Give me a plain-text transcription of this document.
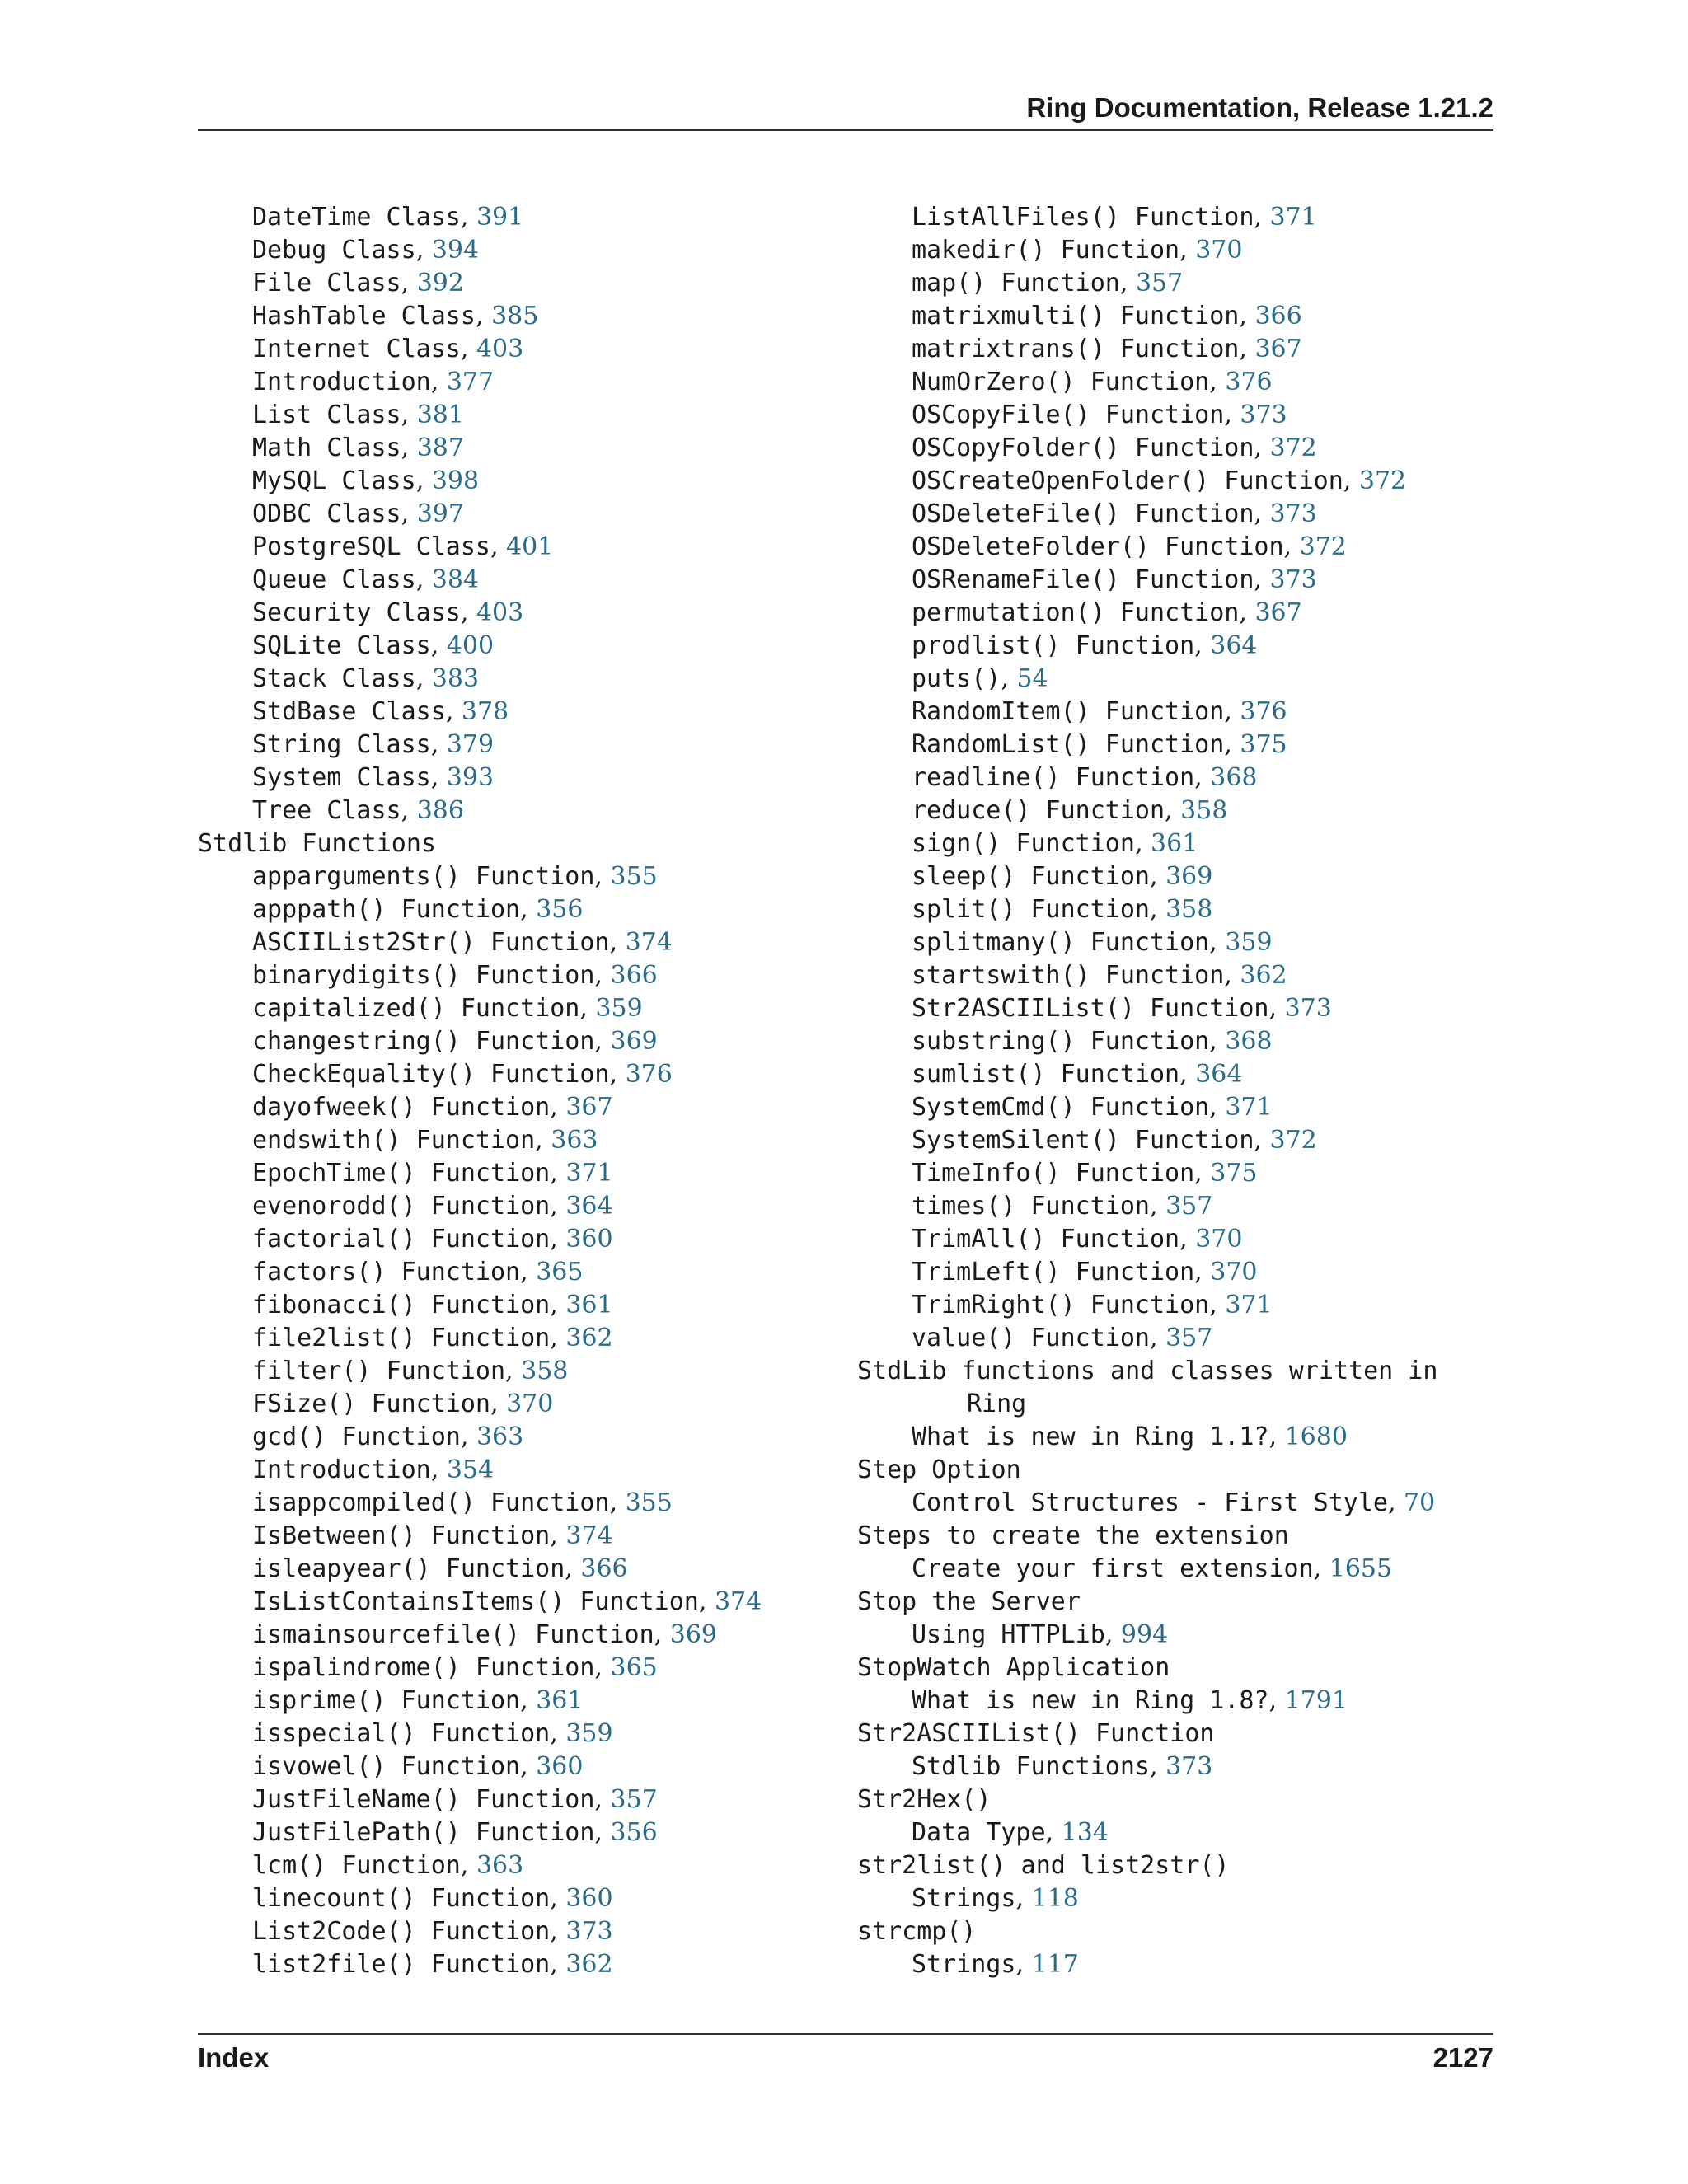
Ring Documentation, Release 1.21.2
DateTime Class, 391
Debug Class, 394
File Class, 392
HashTable Class, 385
Internet Class, 403
Introduction, 377
List Class, 381
Math Class, 387
MySQL Class, 398
ODBC Class, 397
PostgreSQL Class, 401
Queue Class, 384
Security Class, 403
SQLite Class, 400
Stack Class, 383
StdBase Class, 378
String Class, 379
System Class, 393
Tree Class, 386
Stdlib Functions
apparguments() Function, 355
apppath() Function, 356
ASCIIList2Str() Function, 374
binarydigits() Function, 366
capitalized() Function, 359
changestring() Function, 369
CheckEquality() Function, 376
dayofweek() Function, 367
endswith() Function, 363
EpochTime() Function, 371
evenorodd() Function, 364
factorial() Function, 360
factors() Function, 365
fibonacci() Function, 361
file2list() Function, 362
filter() Function, 358
FSize() Function, 370
gcd() Function, 363
Introduction, 354
isappcompiled() Function, 355
IsBetween() Function, 374
isleapyear() Function, 366
IsListContainsItems() Function, 374
ismainsourcefile() Function, 369
ispalindrome() Function, 365
isprime() Function, 361
isspecial() Function, 359
isvowel() Function, 360
JustFileName() Function, 357
JustFilePath() Function, 356
lcm() Function, 363
linecount() Function, 360
List2Code() Function, 373
list2file() Function, 362
ListAllFiles() Function, 371
makedir() Function, 370
map() Function, 357
matrixmulti() Function, 366
matrixtrans() Function, 367
NumOrZero() Function, 376
OSCopyFile() Function, 373
OSCopyFolder() Function, 372
OSCreateOpenFolder() Function, 372
OSDeleteFile() Function, 373
OSDeleteFolder() Function, 372
OSRenameFile() Function, 373
permutation() Function, 367
prodlist() Function, 364
puts(), 54
RandomItem() Function, 376
RandomList() Function, 375
readline() Function, 368
reduce() Function, 358
sign() Function, 361
sleep() Function, 369
split() Function, 358
splitmany() Function, 359
startswith() Function, 362
Str2ASCIIList() Function, 373
substring() Function, 368
sumlist() Function, 364
SystemCmd() Function, 371
SystemSilent() Function, 372
TimeInfo() Function, 375
times() Function, 357
TrimAll() Function, 370
TrimLeft() Function, 370
TrimRight() Function, 371
value() Function, 357
StdLib functions and classes written in
Ring
What is new in Ring 1.1?, 1680
Step Option
Control Structures - First Style, 70
Steps to create the extension
Create your first extension, 1655
Stop the Server
Using HTTPLib, 994
StopWatch Application
What is new in Ring 1.8?, 1791
Str2ASCIIList() Function
Stdlib Functions, 373
Str2Hex()
Data Type, 134
str2list() and list2str()
Strings, 118
strcmp()
Strings, 117
Index	2127
